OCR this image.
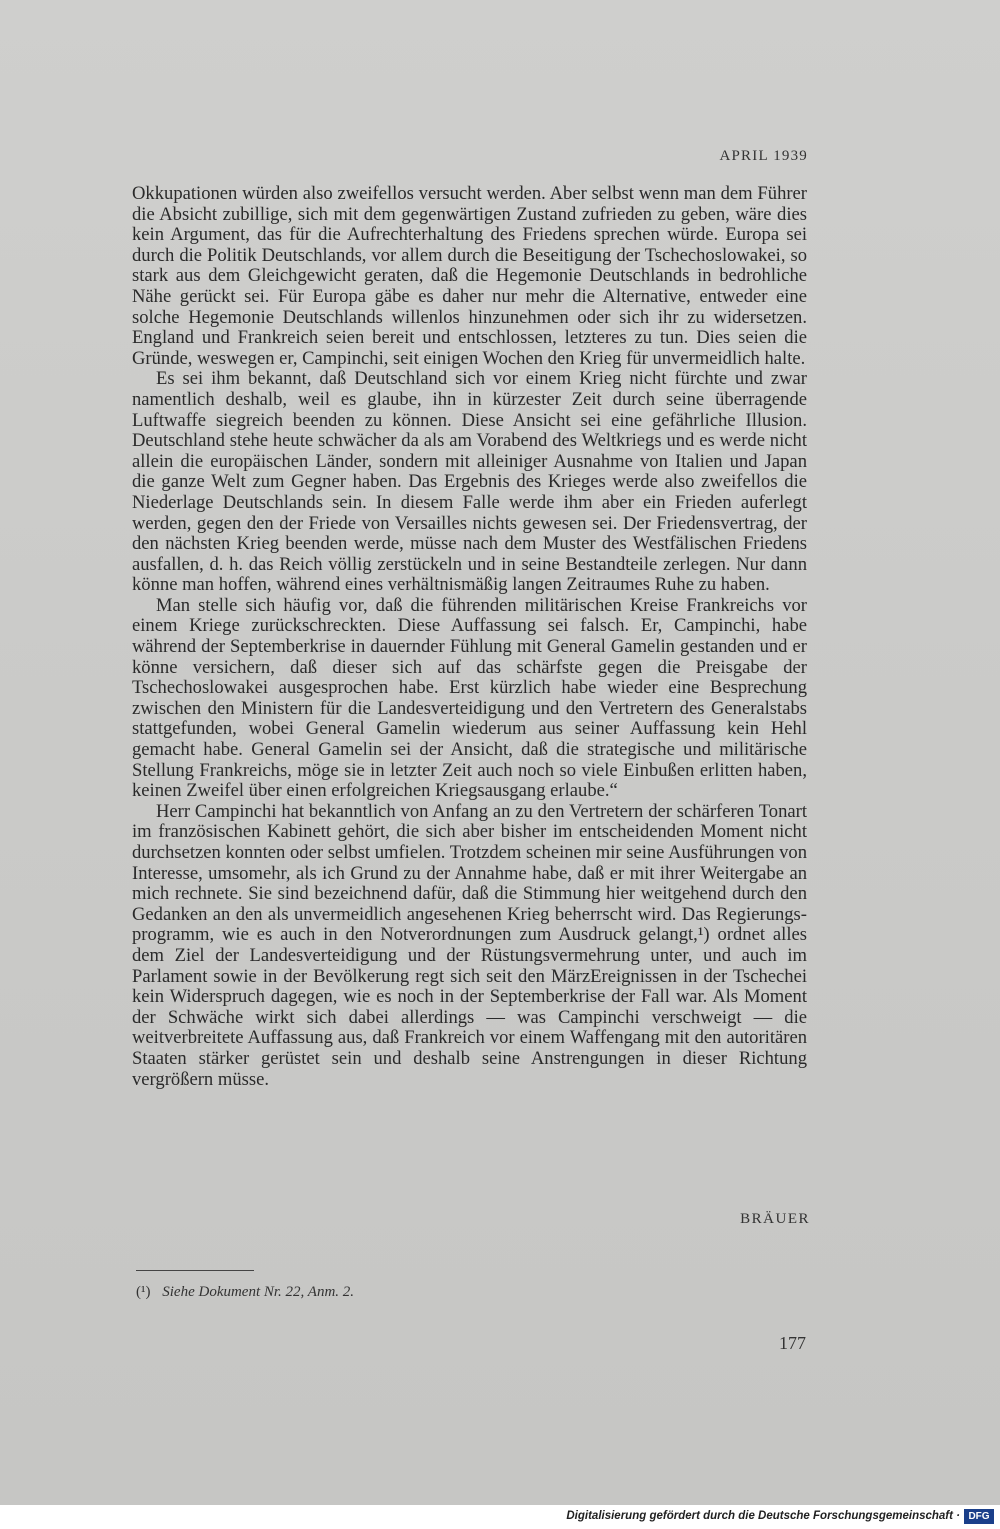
APRIL 1939

Okkupationen würden also zweifellos versucht werden. Aber selbst wenn man dem Führer die Absicht zubillige, sich mit dem gegenwärtigen Zustand zufrieden zu geben, wäre dies kein Argument, das für die Aufrechterhaltung des Friedens sprechen würde. Europa sei durch die Politik Deutschlands, vor allem durch die Beseitigung der Tschechoslowakei, so stark aus dem Gleichgewicht geraten, daß die Hegemonie Deutschlands in bedrohliche Nähe gerückt sei. Für Europa gäbe es daher nur mehr die Alternative, entweder eine solche Hegemonie Deutschlands willenlos hinzunehmen oder sich ihr zu widersetzen. England und Frankreich seien bereit und entschlossen, letzteres zu tun. Dies seien die Gründe, weswegen er, Campinchi, seit einigen Wochen den Krieg für unvermeidlich halte.

Es sei ihm bekannt, daß Deutschland sich vor einem Krieg nicht fürchte und zwar namentlich deshalb, weil es glaube, ihn in kürzester Zeit durch seine überragende Luftwaffe siegreich beenden zu können. Diese Ansicht sei eine gefährliche Illusion. Deutschland stehe heute schwächer da als am Vorabend des Weltkriegs und es werde nicht allein die europäischen Länder, sondern mit alleiniger Ausnahme von Italien und Japan die ganze Welt zum Gegner haben. Das Ergebnis des Krieges werde also zweifellos die Niederlage Deutschlands sein. In diesem Falle werde ihm aber ein Frieden auferlegt werden, gegen den der Friede von Versailles nichts gewesen sei. Der Friedensvertrag, der den nächsten Krieg beenden werde, müsse nach dem Muster des Westfälischen Friedens ausfallen, d. h. das Reich völlig zerstückeln und in seine Bestandteile zerlegen. Nur dann könne man hoffen, während eines verhältnismäßig langen Zeitraumes Ruhe zu haben.

Man stelle sich häufig vor, daß die führenden militärischen Kreise Frankreichs vor einem Kriege zurückschreckten. Diese Auffassung sei falsch. Er, Campinchi, habe während der Septemberkrise in dauernder Fühlung mit General Gamelin gestanden und er könne versichern, daß dieser sich auf das schärfste gegen die Preisgabe der Tschechoslowakei ausgesprochen habe. Erst kürzlich habe wieder eine Besprechung zwischen den Ministern für die Landesverteidigung und den Vertretern des Generalstabs stattgefunden, wobei General Gamelin wiederum aus seiner Auffassung kein Hehl gemacht habe. General Gamelin sei der Ansicht, daß die strategische und militärische Stellung Frankreichs, möge sie in letzter Zeit auch noch so viele Einbußen erlitten haben, keinen Zweifel über einen erfolgreichen Kriegsausgang erlaube.“

Herr Campinchi hat bekanntlich von Anfang an zu den Vertretern der schärferen Tonart im französischen Kabinett gehört, die sich aber bisher im entscheidenden Moment nicht durchsetzen konnten oder selbst umfielen. Trotzdem scheinen mir seine Ausführungen von Interesse, umsomehr, als ich Grund zu der Annahme habe, daß er mit ihrer Weitergabe an mich rechnete. Sie sind bezeichnend dafür, daß die Stimmung hier weitgehend durch den Gedanken an den als unvermeidlich angesehenen Krieg beherrscht wird. Das Regierungsprogramm, wie es auch in den Notverordnungen zum Ausdruck gelangt,¹) ordnet alles dem Ziel der Landesverteidigung und der Rüstungsvermehrung unter, und auch im Parlament sowie in der Bevölkerung regt sich seit den MärzEreignissen in der Tschechei kein Widerspruch dagegen, wie es noch in der Septemberkrise der Fall war. Als Moment der Schwäche wirkt sich dabei allerdings — was Campinchi verschweigt — die weitverbreitete Auffassung aus, daß Frankreich vor einem Waffengang mit den autoritären Staaten stärker gerüstet sein und deshalb seine Anstrengungen in dieser Richtung vergrößern müsse.

BRÄUER
(¹) Siehe Dokument Nr. 22, Anm. 2.
177
Digitalisierung gefördert durch die Deutsche Forschungsgemeinschaft · DFG
